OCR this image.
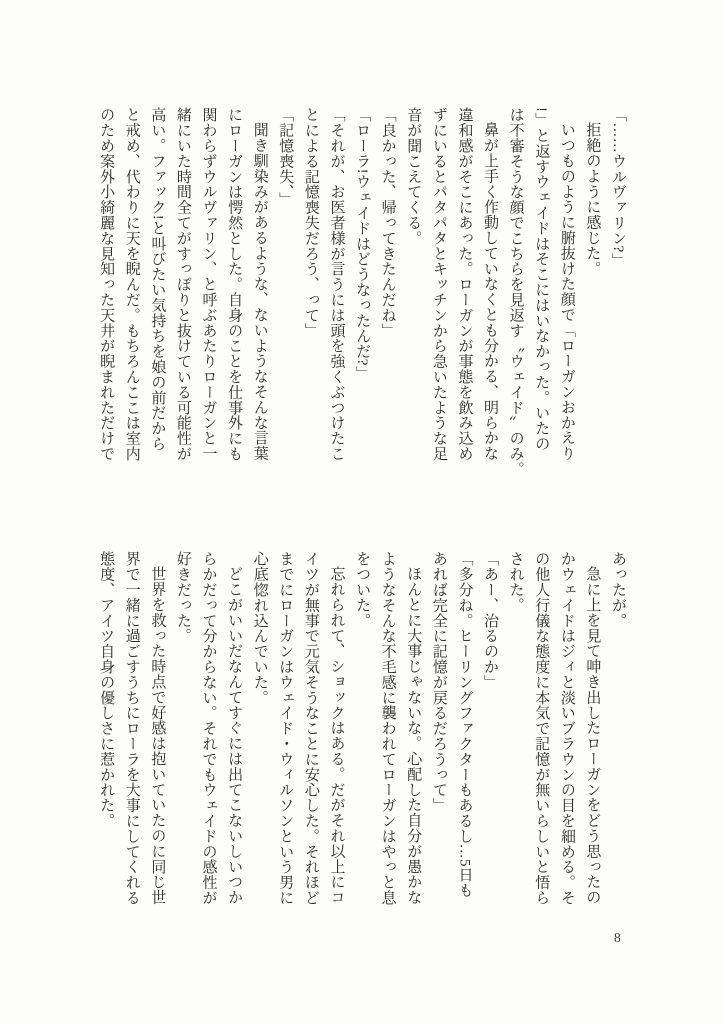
「……ウルヴァリン?」

拒絶のように感じた。

いつものように腑抜けた顔で「ローガンおかえり

!」と返すウェイドはそこにはいなかった。いたの

は不審そうな顔でこちらを見返す〝ウェイド〟のみ。

鼻が上手く作動していなくとも分かる、明らかな

違和感がそこにあった。ローガンが事態を飲み込め

ずにいるとパタパタとキッチンから急いたような足

音が聞こえてくる。

「良かった、帰ってきたんだね」

「ローラ!ウェイドはどうなったんだ?」

「それが、お医者様が言うには頭を強くぶつけたこ

とによる記憶喪失だろう、って」

「記憶喪失、」

聞き馴染みがあるような、ないようなそんな言葉

にローガンは愕然とした。自身のことを仕事外にも

関わらずウルヴァリン、と呼ぶあたりローガンと一

緒にいた時間全てがすっぽりと抜けている可能性が

高い。ファック!と叫びたい気持ちを娘の前だから

と戒め、代わりに天を睨んだ。もちろんここは室内

のため案外小綺麗な見知った天井が睨まれただけで

あったが。

急に上を見て呻き出したローガンをどう思ったの

かウェイドはジィと淡いブラウンの目を細める。そ

の他人行儀な態度に本気で記憶が無いらしいと悟ら

された。

「あー、治るのか」

「多分ね。ヒーリングファクターもあるし…5日も

あれば完全に記憶が戻るだろうって」

ほんとに大事じゃないな。心配した自分が愚かな

ようなそんな不毛感に襲われてローガンはやっと息

をついた。

忘れられて、ショックはある。だがそれ以上にコ

イツが無事で元気そうなことに安心した。それほど

までにローガンはウェイド・ウィルソンという男に

心底惚れ込んでいた。

どこがいいだなんてすぐには出てこないしいつか

らかだって分からない。それでもウェイドの感性が

好きだった。

世界を救った時点で好感は抱いていたのに同じ世

界で一緒に過ごすうちにローラを大事にしてくれる

態度、アイツ自身の優しさに惹かれた。

8
